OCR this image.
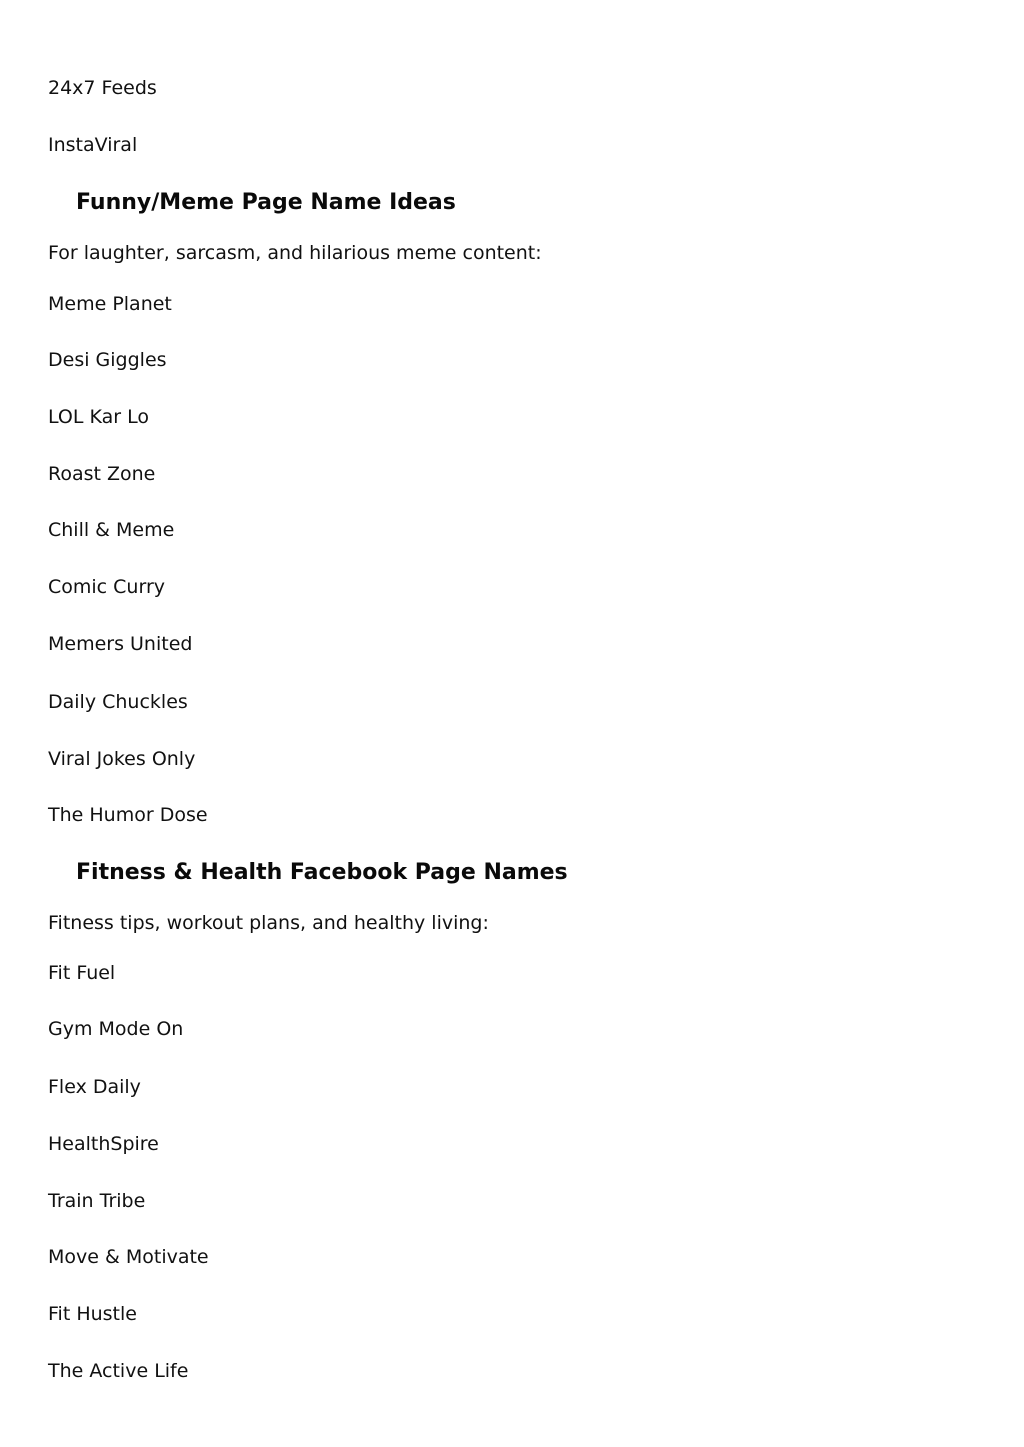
24x7 Feeds
InstaViral
Funny/Meme Page Name Ideas
For laughter, sarcasm, and hilarious meme content:
Meme Planet
Desi Giggles
LOL Kar Lo
Roast Zone
Chill & Meme
Comic Curry
Memers United
Daily Chuckles
Viral Jokes Only
The Humor Dose
Fitness & Health Facebook Page Names
Fitness tips, workout plans, and healthy living:
Fit Fuel
Gym Mode On
Flex Daily
HealthSpire
Train Tribe
Move & Motivate
Fit Hustle
The Active Life
